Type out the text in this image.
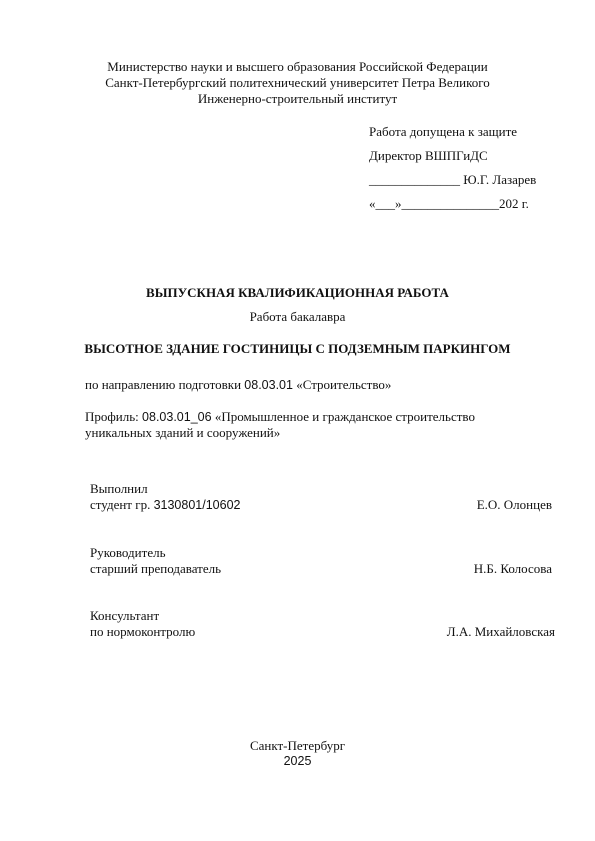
Министерство науки и высшего образования Российской Федерации
Санкт-Петербургский политехнический университет Петра Великого
Инженерно-строительный институт
Работа допущена к защите
Директор ВШПГиДС
______________ Ю.Г. Лазарев
«___»_______________202 г.
ВЫПУСКНАЯ КВАЛИФИКАЦИОННАЯ РАБОТА
Работа бакалавра
ВЫСОТНОЕ ЗДАНИЕ ГОСТИНИЦЫ С ПОДЗЕМНЫМ ПАРКИНГОМ
по направлению подготовки 08.03.01 «Строительство»
Профиль: 08.03.01_06 «Промышленное и гражданское строительство
уникальных зданий и сооружений»
Выполнил
студент гр. 3130801/10602	Е.О. Олонцев
Руководитель
старший преподаватель	Н.Б. Колосова
Консультант
по нормоконтролю	Л.А. Михайловская
Санкт-Петербург
2025
